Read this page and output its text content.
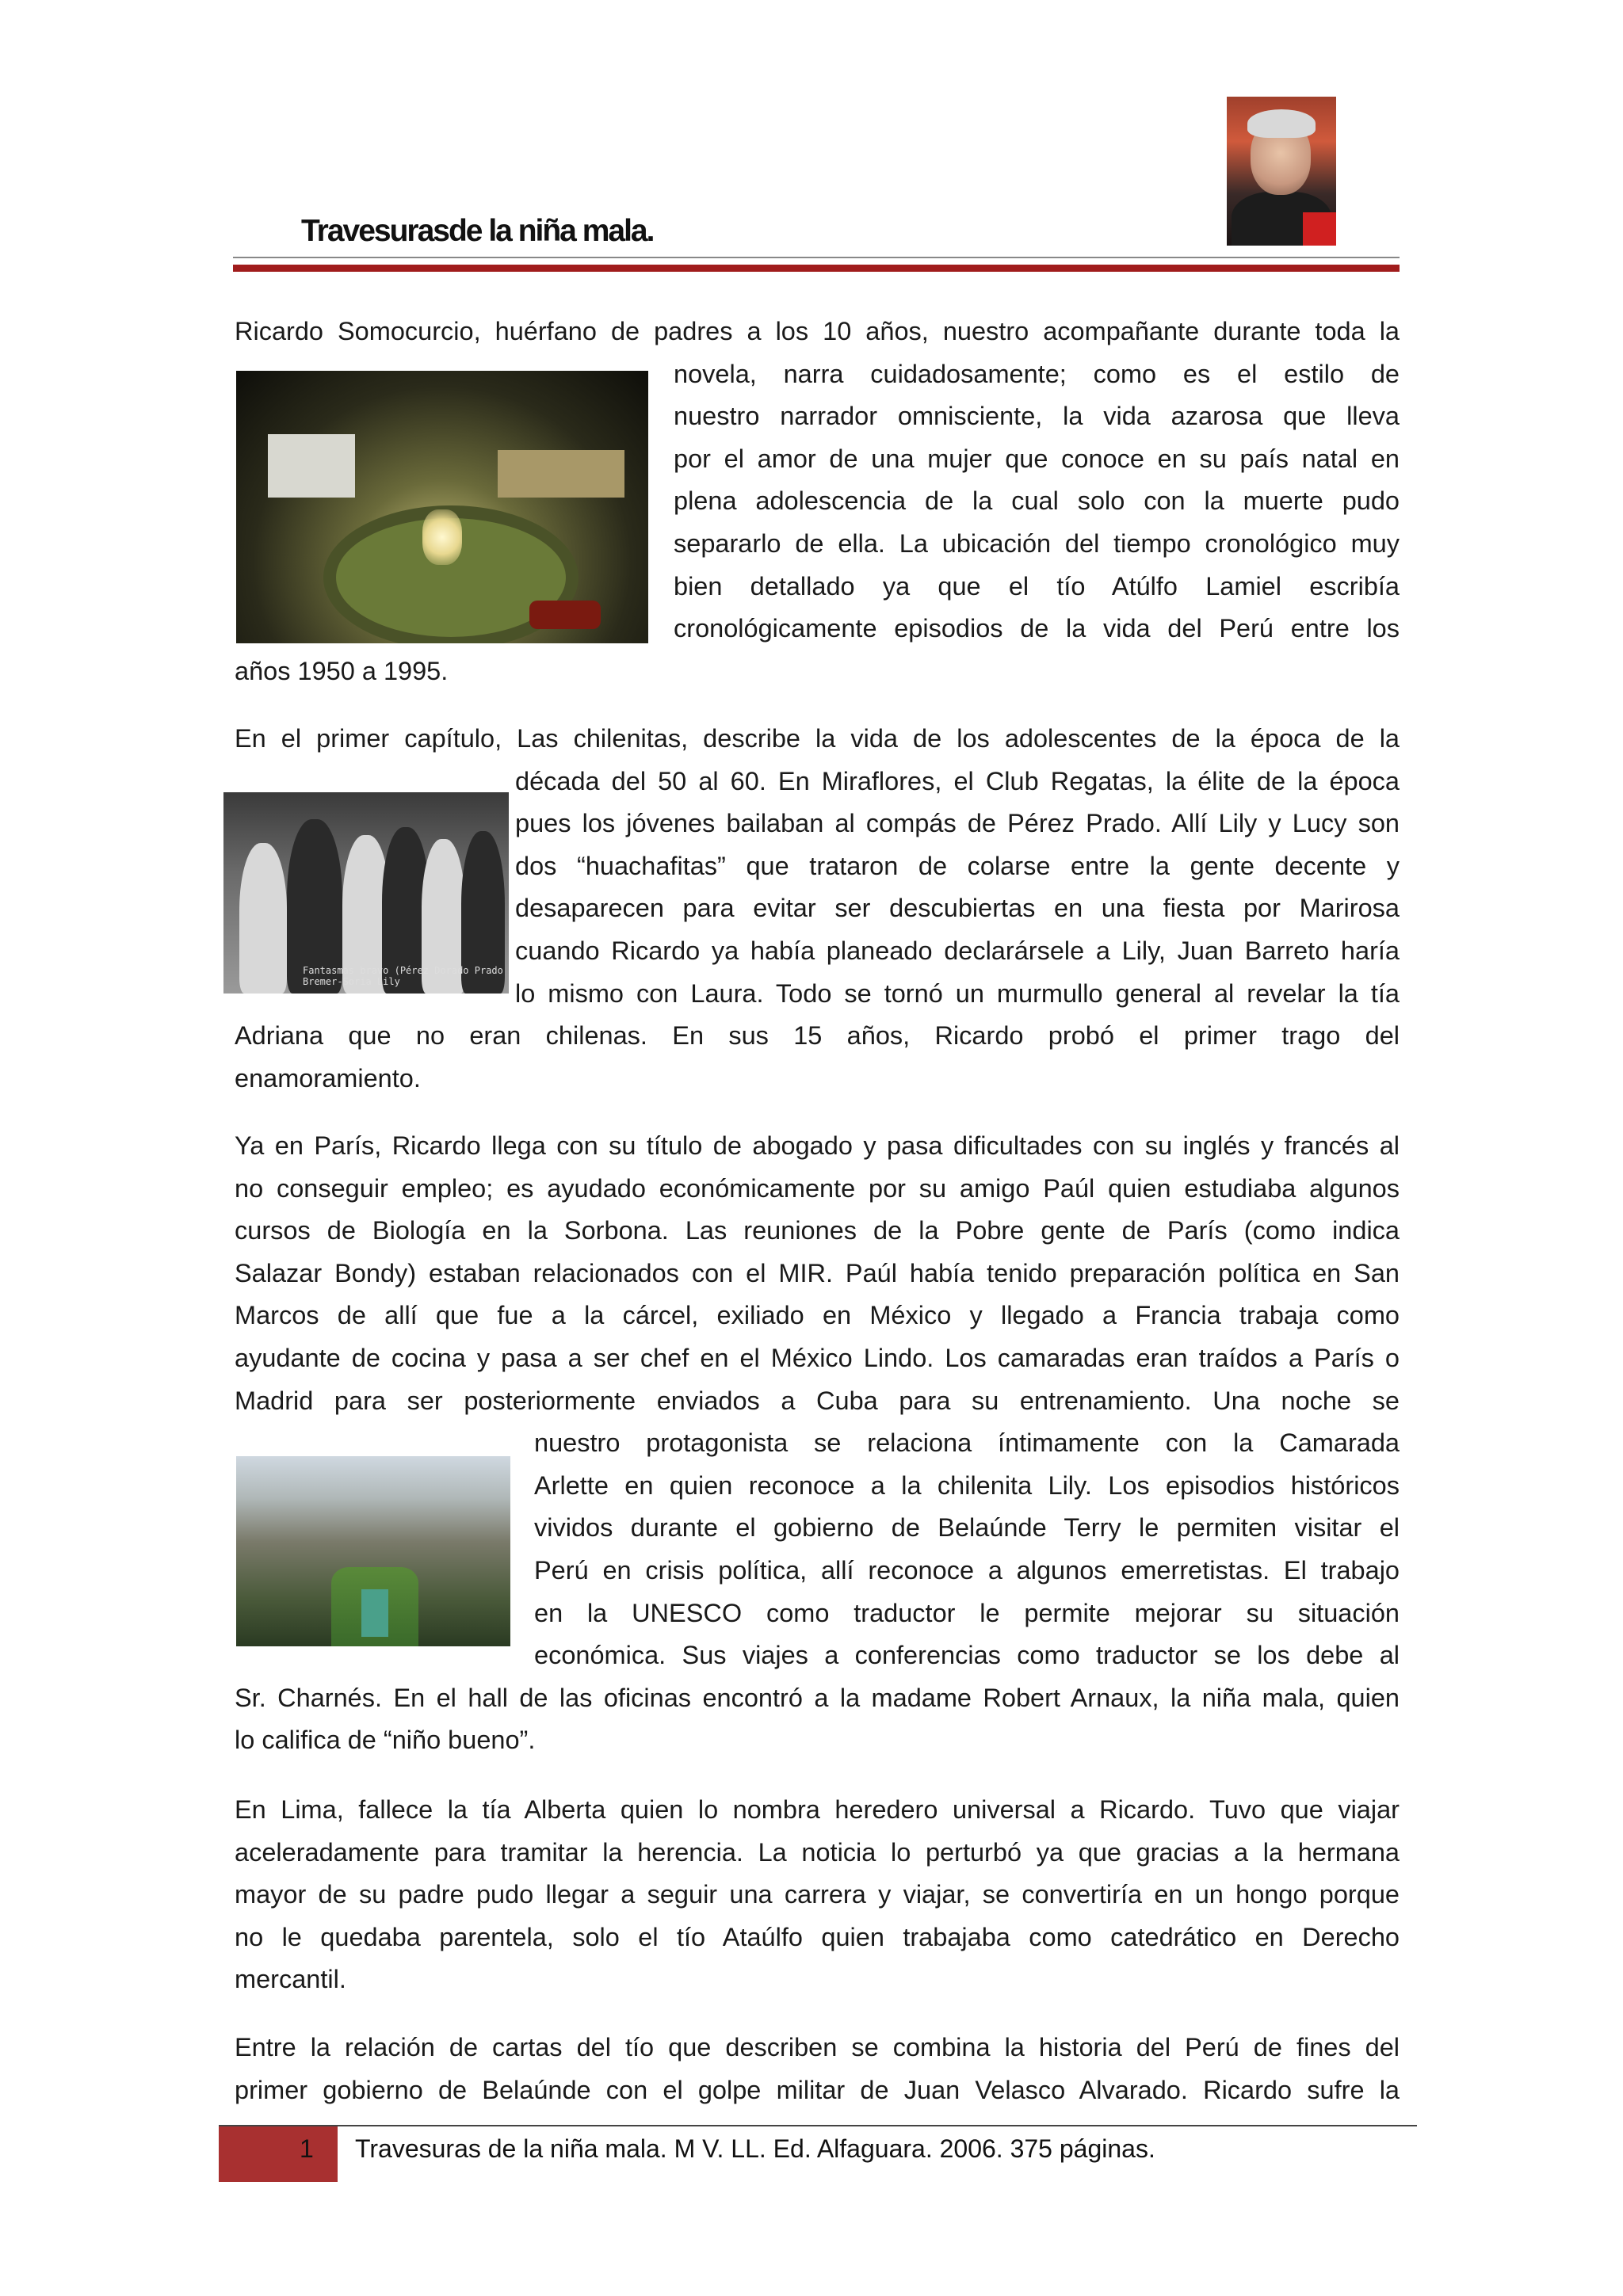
Travesurasde la niña mala.
Fantasmas bravo (Pérez Dorado Prado Bremer-Soria Lily
Ricardo Somocurcio, huérfano de padres a los 10 años, nuestro acompañante durante toda la
novela, narra cuidadosamente; como es el estilo de
nuestro narrador omnisciente, la vida azarosa que lleva
por el amor de una mujer que conoce en su país natal en
plena adolescencia de la cual solo con la muerte pudo
separarlo de ella. La ubicación del tiempo cronológico muy
bien detallado ya que el tío Atúlfo Lamiel escribía
cronológicamente episodios de la vida del Perú entre los
años 1950 a 1995.
En el primer capítulo, Las chilenitas, describe la vida de los adolescentes de la época de la
década del 50 al 60. En Miraflores, el Club Regatas, la élite de la época
pues los jóvenes bailaban al compás de Pérez Prado. Allí Lily y Lucy son
dos “huachafitas” que trataron de colarse entre la gente decente y
desaparecen para evitar ser descubiertas en una fiesta por Marirosa
cuando Ricardo ya había planeado declarársele a Lily, Juan Barreto haría
lo mismo con Laura. Todo se tornó un murmullo general al revelar la tía
Adriana que no eran chilenas. En sus 15 años, Ricardo probó el primer trago del
enamoramiento.
Ya en París, Ricardo llega con su título de abogado y pasa dificultades con su inglés y francés al
no conseguir empleo; es ayudado económicamente por su amigo Paúl quien estudiaba algunos
cursos de Biología en la Sorbona. Las reuniones de la Pobre gente de París (como indica
Salazar Bondy) estaban relacionados con el MIR. Paúl había tenido preparación política en San
Marcos de allí que fue a la cárcel, exiliado en México y llegado a Francia trabaja como
ayudante de cocina y pasa a ser chef en el México Lindo. Los camaradas eran traídos a París o
Madrid para ser posteriormente enviados a Cuba para su entrenamiento. Una noche se
nuestro protagonista se relaciona íntimamente con la Camarada
Arlette en quien reconoce a la chilenita Lily. Los episodios históricos
vividos durante el gobierno de Belaúnde Terry le permiten visitar el
Perú en crisis política, allí reconoce a algunos emerretistas. El trabajo
en la UNESCO como traductor le permite mejorar su situación
económica. Sus viajes a conferencias como traductor se los debe al
Sr. Charnés. En el hall de las oficinas encontró a la madame Robert Arnaux, la niña mala, quien
lo califica de “niño bueno”.
En Lima, fallece la tía Alberta quien lo nombra heredero universal a Ricardo. Tuvo que viajar
aceleradamente para tramitar la herencia. La noticia lo perturbó ya que gracias a la hermana
mayor de su padre pudo llegar a seguir una carrera y viajar, se convertiría en un hongo porque
no le quedaba parentela, solo el tío Ataúlfo quien trabajaba como catedrático en Derecho
mercantil.
Entre la relación de cartas del tío que describen se combina la historia del Perú de fines del
primer gobierno de Belaúnde con el golpe militar de Juan Velasco Alvarado. Ricardo sufre la
1 Travesuras de la niña mala. M V. LL. Ed. Alfaguara. 2006. 375 páginas.
